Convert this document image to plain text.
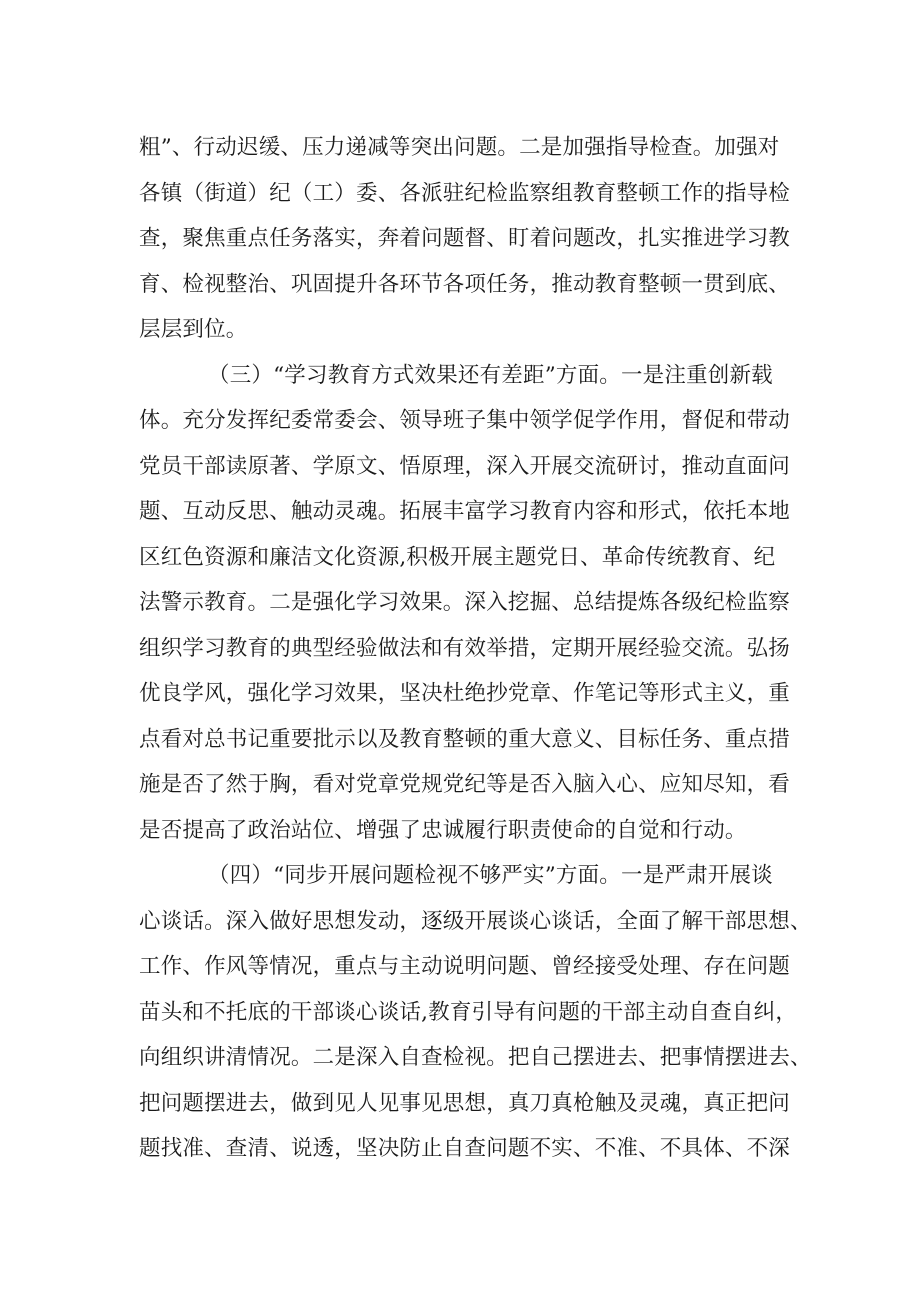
粗”、行动迟缓、压力递减等突出问题。二是加强指导检查。加强对
各镇（街道）纪（工）委、各派驻纪检监察组教育整顿工作的指导检
查，聚焦重点任务落实，奔着问题督、盯着问题改，扎实推进学习教
育、检视整治、巩固提升各环节各项任务，推动教育整顿一贯到底、
层层到位。
（三）“学习教育方式效果还有差距”方面。一是注重创新载
体。充分发挥纪委常委会、领导班子集中领学促学作用，督促和带动
党员干部读原著、学原文、悟原理，深入开展交流研讨，推动直面问
题、互动反思、触动灵魂。拓展丰富学习教育内容和形式，依托本地
区红色资源和廉洁文化资源,积极开展主题党日、革命传统教育、纪
法警示教育。二是强化学习效果。深入挖掘、总结提炼各级纪检监察
组织学习教育的典型经验做法和有效举措，定期开展经验交流。弘扬
优良学风，强化学习效果，坚决杜绝抄党章、作笔记等形式主义，重
点看对总书记重要批示以及教育整顿的重大意义、目标任务、重点措
施是否了然于胸，看对党章党规党纪等是否入脑入心、应知尽知，看
是否提高了政治站位、增强了忠诚履行职责使命的自觉和行动。
（四）“同步开展问题检视不够严实”方面。一是严肃开展谈
心谈话。深入做好思想发动，逐级开展谈心谈话，全面了解干部思想、
工作、作风等情况，重点与主动说明问题、曾经接受处理、存在问题
苗头和不托底的干部谈心谈话,教育引导有问题的干部主动自查自纠，
向组织讲清情况。二是深入自查检视。把自己摆进去、把事情摆进去、
把问题摆进去，做到见人见事见思想，真刀真枪触及灵魂，真正把问
题找准、查清、说透，坚决防止自查问题不实、不准、不具体、不深
